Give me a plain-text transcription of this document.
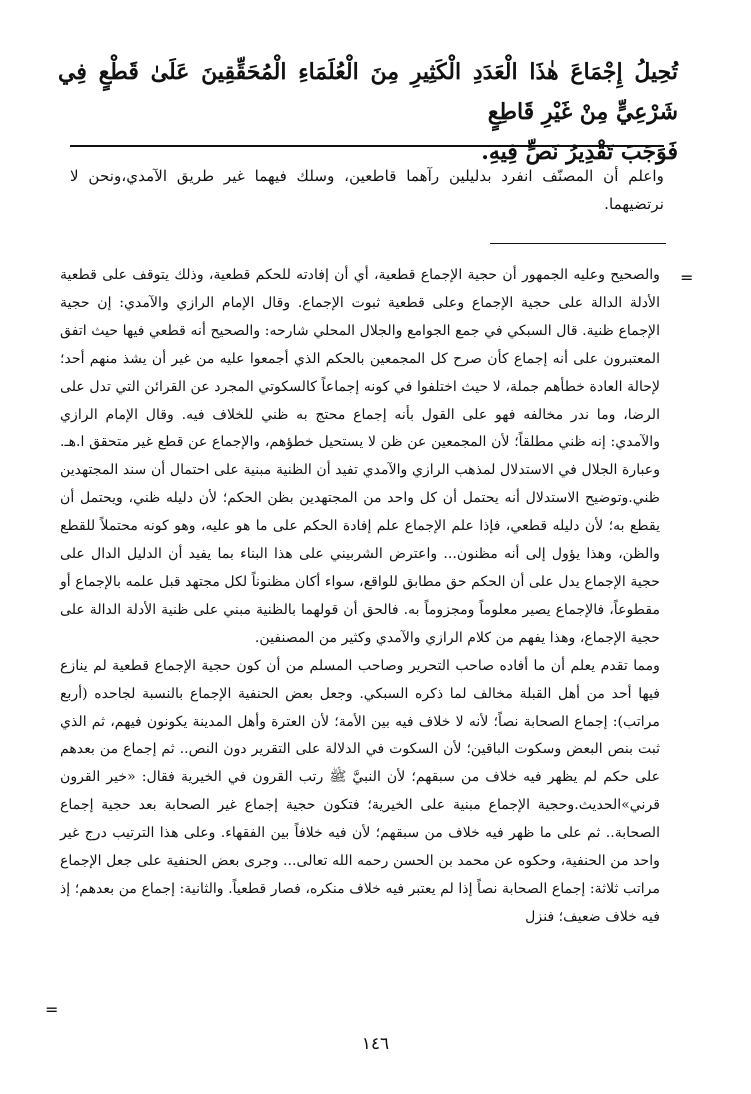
تُحِيلُ إِجْمَاعَ هٰذَا الْعَدَدِ الْكَثِيرِ مِنَ الْعُلَمَاءِ الْمُحَقِّقِينَ عَلَىٰ قَطْعٍ فِي شَرْعِيٍّ مِنْ غَيْرِ قَاطِعٍ

فَوَجَبَ تَقْدِيرُ نَصٍّ فِيهِ.

واعلم أن المصنّف انفرد بدليلين رآهما قاطعين، وسلك فيهما غير طريق الآمدي،ونحن لا نرتضيهما.

=

والصحيح وعليه الجمهور أن حجية الإجماع قطعية، أي أن إفادته للحكم قطعية، وذلك يتوقف على قطعية الأدلة الدالة على حجية الإجماع وعلى قطعية ثبوت الإجماع. وقال الإمام الرازي والآمدي: إن حجية الإجماع ظنية. قال السبكي في جمع الجوامع والجلال المحلي شارحه: والصحيح أنه قطعي فيها حيث اتفق المعتبرون على أنه إجماع كأن صرح كل المجمعين بالحكم الذي أجمعوا عليه من غير أن يشذ منهم أحد؛ لإحالة العادة خطأهم جملة، لا حيث اختلفوا في كونه إجماعاً كالسكوتي المجرد عن القرائن التي تدل على الرضا، وما ندر مخالفه فهو على القول بأنه إجماع محتج به ظني للخلاف فيه. وقال الإمام الرازي والآمدي: إنه ظني مطلقاً؛ لأن المجمعين عن ظن لا يستحيل خطؤهم، والإجماع عن قطع غير متحقق ا.هـ. وعبارة الجلال في الاستدلال لمذهب الرازي والآمدي تفيد أن الظنية مبنية على احتمال أن سند المجتهدين ظني.وتوضيح الاستدلال أنه يحتمل أن كل واحد من المجتهدين بظن الحكم؛ لأن دليله ظني، ويحتمل أن يقطع به؛ لأن دليله قطعي، فإذا علم الإجماع علم إفادة الحكم على ما هو عليه، وهو كونه محتملاً للقطع والظن، وهذا يؤول إلى أنه مظنون... واعترض الشربيني على هذا البناء بما يفيد أن الدليل الدال على حجية الإجماع يدل على أن الحكم حق مطابق للواقع، سواء أكان مظنوناً لكل مجتهد قبل علمه بالإجماع أو مقطوعاً، فالإجماع يصير معلوماً ومجزوماً به. فالحق أن قولهما بالظنية مبني على ظنية الأدلة الدالة على حجية الإجماع، وهذا يفهم من كلام الرازي والآمدي وكثير من المصنفين.

ومما تقدم يعلم أن ما أفاده صاحب التحرير وصاحب المسلم من أن كون حجية الإجماع قطعية لم ينازع فيها أحد من أهل القبلة مخالف لما ذكره السبكي. وجعل بعض الحنفية الإجماع بالنسبة لجاحده (أربع مراتب): إجماع الصحابة نصاً؛ لأنه لا خلاف فيه بين الأمة؛ لأن العترة وأهل المدينة يكونون فيهم، ثم الذي ثبت بنص البعض وسكوت الباقين؛ لأن السكوت في الدلالة على التقرير دون النص.. ثم إجماع من بعدهم على حكم لم يظهر فيه خلاف من سبقهم؛ لأن النبيَّ ﷺ رتب القرون في الخيرية فقال: «خير القرون قرني»الحديث.وحجية الإجماع مبنية على الخيرية؛ فتكون حجية إجماع غير الصحابة بعد حجية إجماع الصحابة.. ثم على ما ظهر فيه خلاف من سبقهم؛ لأن فيه خلافاً بين الفقهاء. وعلى هذا الترتيب درج غير واحد من الحنفية، وحكوه عن محمد بن الحسن رحمه الله تعالى... وجرى بعض الحنفية على جعل الإجماع مراتب ثلاثة: إجماع الصحابة نصاً إذا لم يعتبر فيه خلاف منكره، فصار قطعياً. والثانية: إجماع من بعدهم؛ إذ فيه خلاف ضعيف؛ فنزل

=
١٤٦
